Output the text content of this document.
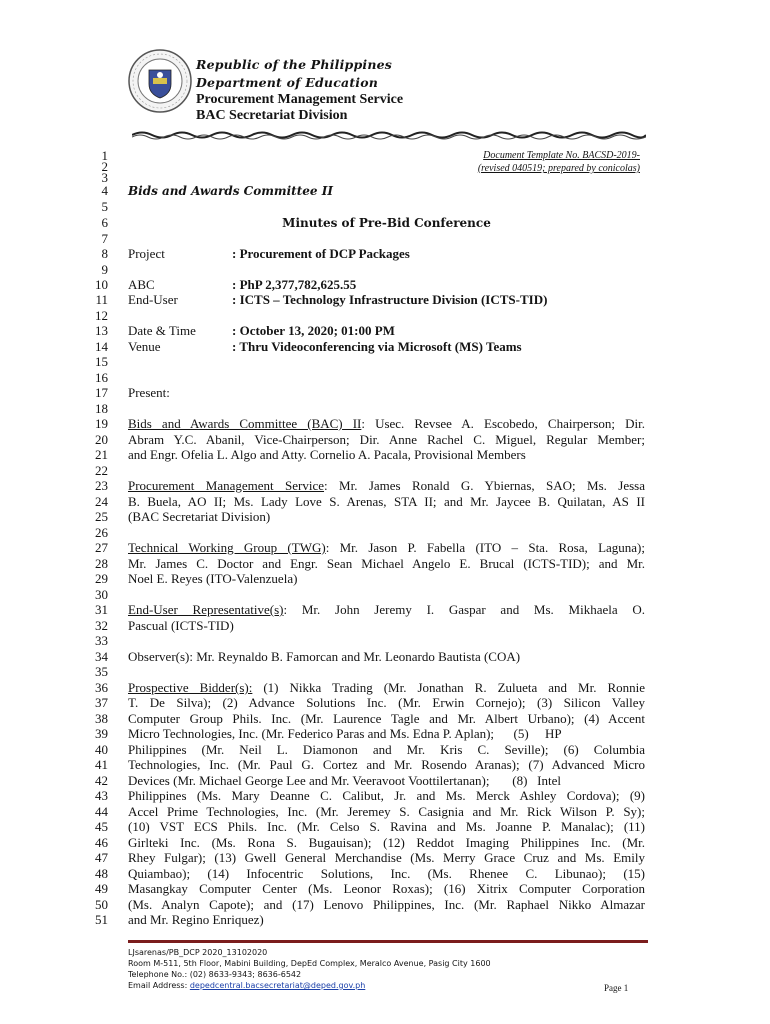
Republic of the Philippines
Department of Education
Procurement Management Service
BAC Secretariat Division
1
2
3
4
5
6
7
8
9
10
11
12
13
14
15
16
17
18
19
20
21
22
23
24
25
26
27
28
29
30
31
32
33
34
35
36
37
38
39
40
41
42
43
44
45
46
47
48
49
50
51
Document Template No. BACSD-2019-
(revised 040519; prepared by conicolas)
Bids and Awards Committee II
Minutes of Pre-Bid Conference
Project	: Procurement of DCP Packages
ABC	: PhP 2,377,782,625.55
End-User	: ICTS – Technology Infrastructure Division (ICTS-TID)
Date & Time	: October 13, 2020; 01:00 PM
Venue	: Thru Videoconferencing via Microsoft (MS) Teams
Present:
Bids and Awards Committee (BAC) II: Usec. Revsee A. Escobedo, Chairperson; Dir.
Abram Y.C. Abanil, Vice-Chairperson; Dir. Anne Rachel C. Miguel, Regular Member;
and Engr. Ofelia L. Algo and Atty. Cornelio A. Pacala, Provisional Members
Procurement Management Service: Mr. James Ronald G. Ybiernas, SAO; Ms. Jessa
B. Buela, AO II; Ms. Lady Love S. Arenas, STA II; and Mr. Jaycee B. Quilatan, AS II
(BAC Secretariat Division)
Technical Working Group (TWG): Mr. Jason P. Fabella (ITO – Sta. Rosa, Laguna);
Mr. James C. Doctor and Engr. Sean Michael Angelo E. Brucal (ICTS-TID); and Mr.
Noel E. Reyes (ITO-Valenzuela)
End-User Representative(s): Mr. John Jeremy I. Gaspar and Ms. Mikhaela O.
Pascual (ICTS-TID)
Observer(s): Mr. Reynaldo B. Famorcan and Mr. Leonardo Bautista (COA)
Prospective Bidder(s): (1) Nikka Trading (Mr. Jonathan R. Zulueta and Mr. Ronnie
T. De Silva); (2) Advance Solutions Inc. (Mr. Erwin Cornejo); (3) Silicon Valley
Computer Group Phils. Inc. (Mr. Laurence Tagle and Mr. Albert Urbano); (4) Accent
Micro Technologies, Inc. (Mr. Federico Paras and Ms. Edna P. Aplan);      (5)     HP
Philippines (Mr. Neil L. Diamonon and Mr. Kris C. Seville); (6) Columbia
Technologies, Inc. (Mr. Paul G. Cortez and Mr. Rosendo Aranas); (7) Advanced Micro
Devices (Mr. Michael George Lee and Mr. Veeravoot Voottilertanan);       (8)   Intel
Philippines (Ms. Mary Deanne C. Calibut, Jr. and Ms. Merck Ashley Cordova); (9)
Accel Prime Technologies, Inc. (Mr. Jeremey S. Casignia and Mr. Rick Wilson P. Sy);
(10) VST ECS Phils. Inc. (Mr. Celso S. Ravina and Ms. Joanne P. Manalac); (11)
Girlteki Inc. (Ms. Rona S. Bugauisan); (12) Reddot Imaging Philippines Inc. (Mr.
Rhey Fulgar); (13) Gwell General Merchandise (Ms. Merry Grace Cruz and Ms. Emily
Quiambao); (14) Infocentric Solutions, Inc. (Ms. Rhenee C. Libunao); (15)
Masangkay Computer Center (Ms. Leonor Roxas); (16) Xitrix Computer Corporation
(Ms. Analyn Capote); and (17) Lenovo Philippines, Inc. (Mr. Raphael Nikko Almazar
and Mr. Regino Enriquez)
LJsarenas/PB_DCP 2020_13102020
Room M-511, 5th Floor, Mabini Building, DepEd Complex, Meralco Avenue, Pasig City 1600
Telephone No.: (02) 8633-9343; 8636-6542
Email Address: depedcentral.bacsecretariat@deped.gov.ph	Page 1
